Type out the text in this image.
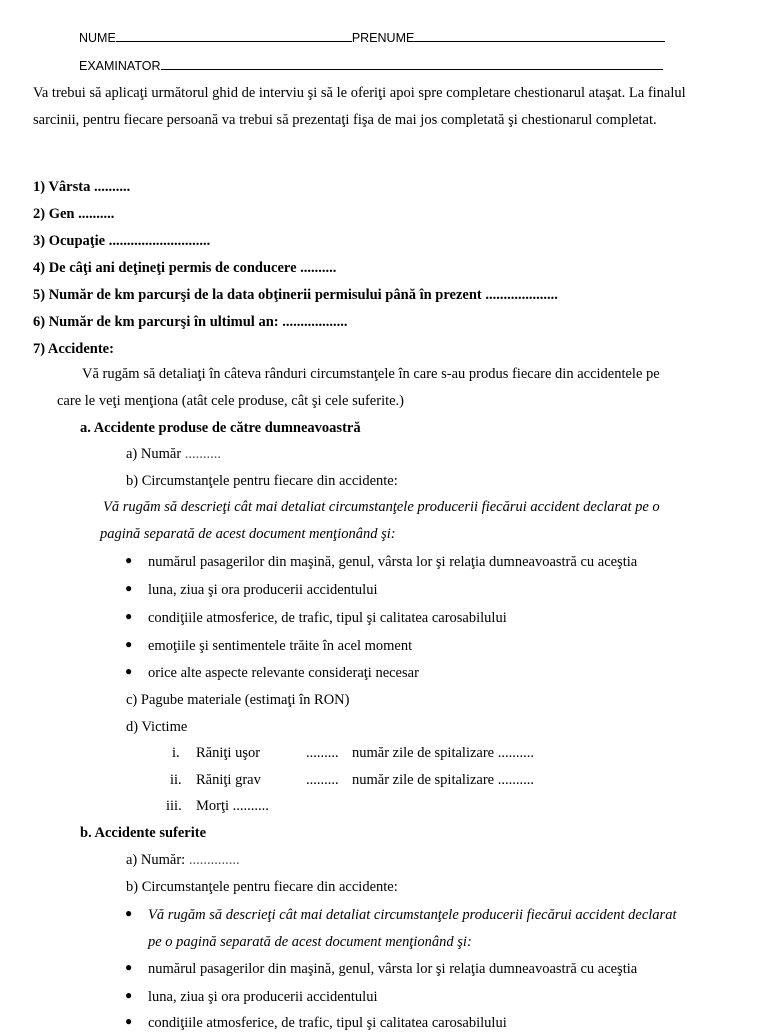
NUME	PRENUME
EXAMINATOR
Va trebui să aplicaţi următorul ghid de interviu şi să le oferiţi apoi spre completare chestionarul ataşat. La finalul sarcinii, pentru fiecare persoană va trebui să prezentaţi fişa de mai jos completată şi chestionarul completat.
1) Vârsta ..........
2) Gen ..........
3) Ocupaţie ............................
4) De câţi ani deţineţi permis de conducere ..........
5) Număr de km parcurşi de la data obţinerii permisului până în prezent ....................
6) Număr de km parcurşi în ultimul an: ..................
7) Accidente:
Vă rugăm să detaliaţi în câteva rânduri circumstanţele în care s-au produs fiecare din accidentele pe
care le veţi menţiona (atât cele produse, cât şi cele suferite.)
a. Accidente produse de către dumneavoastră
a) Număr ..........
b) Circumstanţele pentru fiecare din accidente:
Vă rugăm să descrieţi cât mai detaliat circumstanţele producerii fiecărui accident declarat pe o
pagină separată de acest document menţionând şi:
● numărul pasagerilor din maşină, genul, vârsta lor şi relaţia dumneavoastră cu aceştia
● luna, ziua şi ora producerii accidentului
● condiţiile atmosferice, de trafic, tipul şi calitatea carosabilului
● emoţiile şi sentimentele trăite în acel moment
● orice alte aspecte relevante consideraţi necesar
c) Pagube materiale (estimaţi în RON)
d) Victime
i. Răniţi uşor	......... număr zile de spitalizare ..........
ii. Răniţi grav	......... număr zile de spitalizare ..........
iii. Morţi ..........
b. Accidente suferite
a) Număr: ..............
b) Circumstanţele pentru fiecare din accidente:
● Vă rugăm să descrieţi cât mai detaliat circumstanţele producerii fiecărui accident declarat
pe o pagină separată de acest document menţionând şi:
● numărul pasagerilor din maşină, genul, vârsta lor şi relaţia dumneavoastră cu aceştia
● luna, ziua şi ora producerii accidentului
● condiţiile atmosferice, de trafic, tipul şi calitatea carosabilului
